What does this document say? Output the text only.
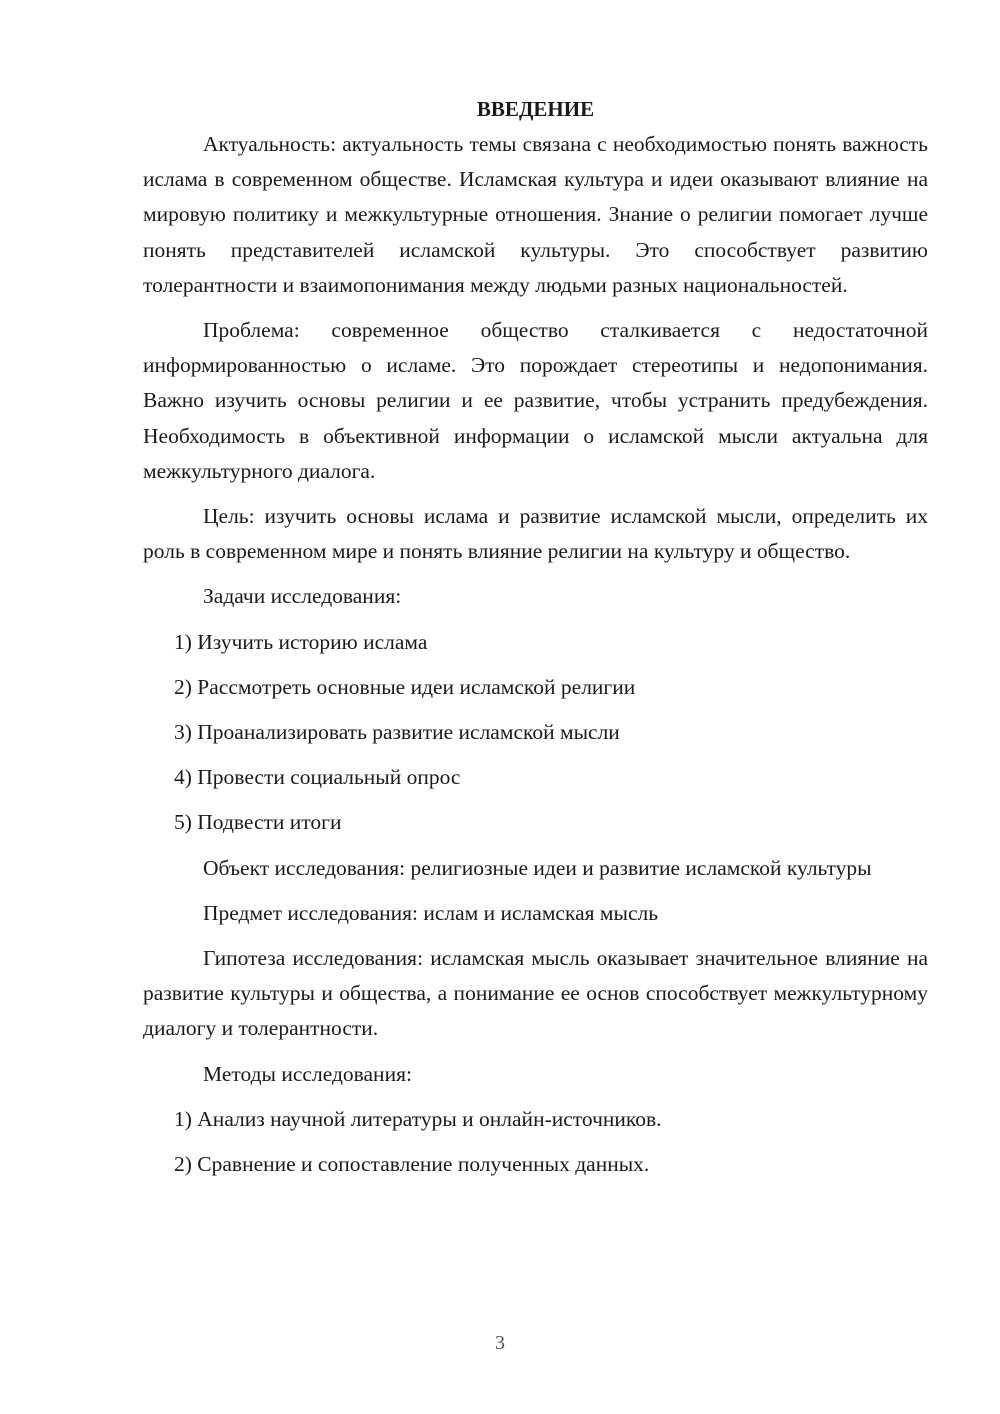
ВВЕДЕНИЕ

Актуальность: актуальность темы связана с необходимостью понять важность ислама в современном обществе. Исламская культура и идеи оказывают влияние на мировую политику и межкультурные отношения. Знание о религии помогает лучше понять представителей исламской культуры. Это способствует развитию толерантности и взаимопонимания между людьми разных национальностей.

Проблема: современное общество сталкивается с недостаточной информированностью о исламе. Это порождает стереотипы и недопонимания. Важно изучить основы религии и ее развитие, чтобы устранить предубеждения. Необходимость в объективной информации о исламской мысли актуальна для межкультурного диалога.

Цель: изучить основы ислама и развитие исламской мысли, определить их роль в современном мире и понять влияние религии на культуру и общество.

Задачи исследования:

1) Изучить историю ислама

2) Рассмотреть основные идеи исламской религии

3) Проанализировать развитие исламской мысли

4) Провести социальный опрос

5) Подвести итоги

Объект исследования: религиозные идеи и развитие исламской культуры

Предмет исследования: ислам и исламская мысль

Гипотеза исследования: исламская мысль оказывает значительное влияние на развитие культуры и общества, а понимание ее основ способствует межкультурному диалогу и толерантности.

Методы исследования:

1) Анализ научной литературы и онлайн-источников.

2) Сравнение и сопоставление полученных данных.

3
